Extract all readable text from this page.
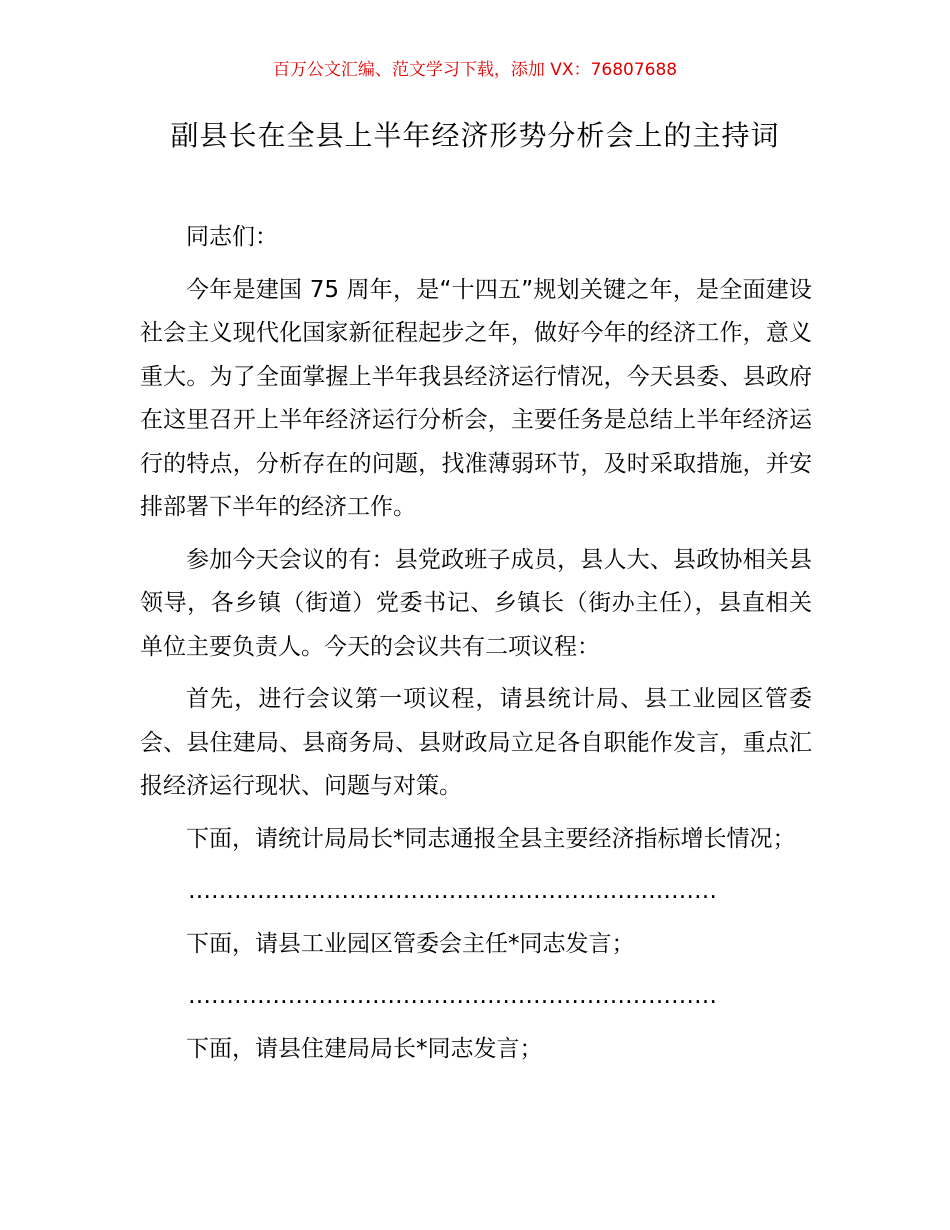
百万公文汇编、范文学习下载，添加 VX：76807688
副县长在全县上半年经济形势分析会上的主持词

同志们：

今年是建国 75 周年，是“十四五”规划关键之年，是全面建设社会主义现代化国家新征程起步之年，做好今年的经济工作，意义重大。为了全面掌握上半年我县经济运行情况，今天县委、县政府在这里召开上半年经济运行分析会，主要任务是总结上半年经济运行的特点，分析存在的问题，找准薄弱环节，及时采取措施，并安排部署下半年的经济工作。

参加今天会议的有：县党政班子成员，县人大、县政协相关县领导，各乡镇（街道）党委书记、乡镇长（街办主任），县直相关单位主要负责人。今天的会议共有二项议程：

首先，进行会议第一项议程，请县统计局、县工业园区管委会、县住建局、县商务局、县财政局立足各自职能作发言，重点汇报经济运行现状、问题与对策。

下面，请统计局局长*同志通报全县主要经济指标增长情况；

……………………………………………………………

下面，请县工业园区管委会主任*同志发言；

……………………………………………………………

下面，请县住建局局长*同志发言；
